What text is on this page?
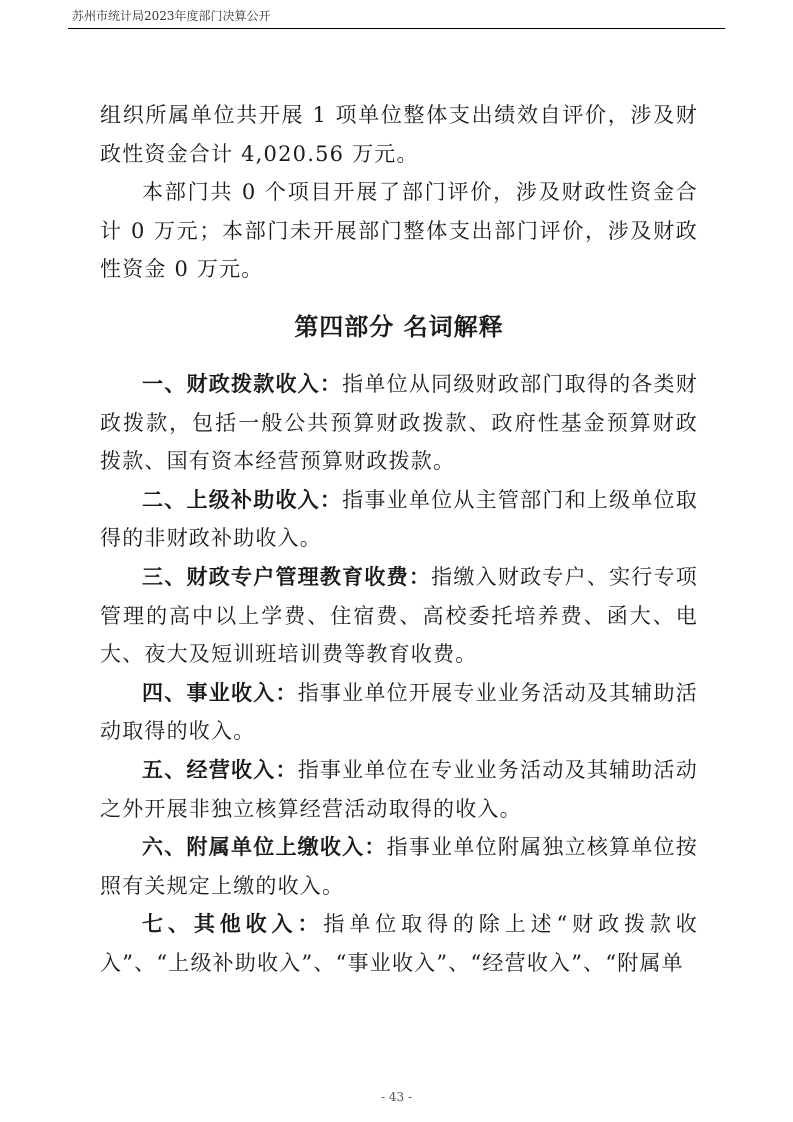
苏州市统计局2023年度部门决算公开

组织所属单位共开展 1 项单位整体支出绩效自评价，涉及财政性资金合计 4,020.56 万元。

本部门共 0 个项目开展了部门评价，涉及财政性资金合计 0 万元；本部门未开展部门整体支出部门评价，涉及财政性资金 0 万元。

第四部分 名词解释

一、财政拨款收入：指单位从同级财政部门取得的各类财政拨款，包括一般公共预算财政拨款、政府性基金预算财政拨款、国有资本经营预算财政拨款。

二、上级补助收入：指事业单位从主管部门和上级单位取得的非财政补助收入。

三、财政专户管理教育收费：指缴入财政专户、实行专项管理的高中以上学费、住宿费、高校委托培养费、函大、电大、夜大及短训班培训费等教育收费。

四、事业收入：指事业单位开展专业业务活动及其辅助活动取得的收入。

五、经营收入：指事业单位在专业业务活动及其辅助活动之外开展非独立核算经营活动取得的收入。

六、附属单位上缴收入：指事业单位附属独立核算单位按照有关规定上缴的收入。

七、其他收入：指单位取得的除上述“财政拨款收入”、“上级补助收入”、“事业收入”、“经营收入”、“附属单

- 43 -
